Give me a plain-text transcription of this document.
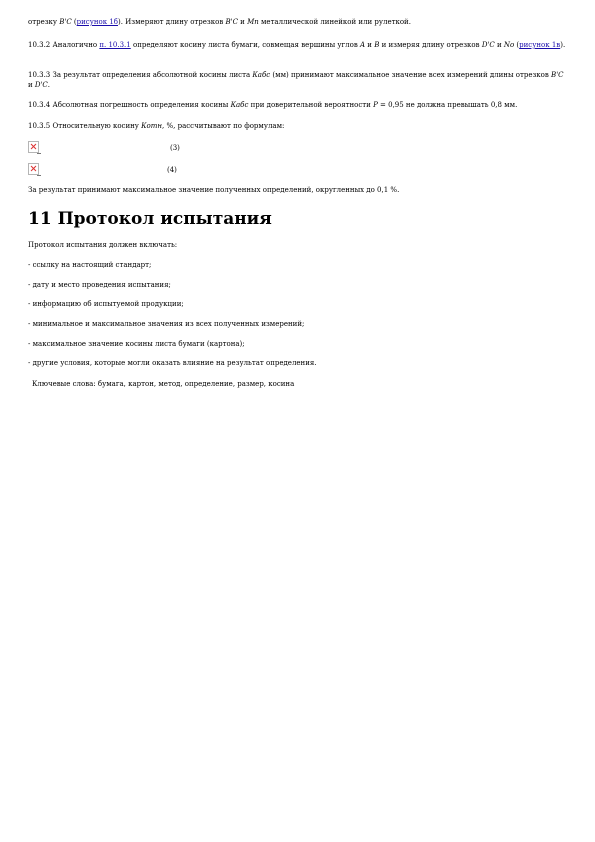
отрезку B'C (рисунок 1б). Измеряют длину отрезков B'C и Mn металлической линейкой или рулеткой.

10.3.2 Аналогично п. 10.3.1 определяют косину листа бумаги, совмещая вершины углов A и B и измеряя длину отрезков D'C и No (рисунок 1в).

10.3.3 За результат определения абсолютной косины листа Кабс (мм) принимают максимальное значение всех измерений длины отрезков B'C и D'C.

10.3.4 Абсолютная погрешность определения косины Кабс при доверительной вероятности P = 0,95 не должна превышать 0,8 мм.

10.3.5 Относительную косину Котн, %, рассчитывают по формулам:

(3)
(4)

За результат принимают максимальное значение полученных определений, округленных до 0,1 %.

11 Протокол испытания

Протокол испытания должен включать:

- ссылку на настоящий стандарт;

- дату и место проведения испытания;

- информацию об испытуемой продукции;

- минимальное и максимальное значения из всех полученных измерений;

- максимальное значение косины листа бумаги (картона);

- другие условия, которые могли оказать влияние на результат определения.

Ключевые слова: бумага, картон, метод, определение, размер, косина
